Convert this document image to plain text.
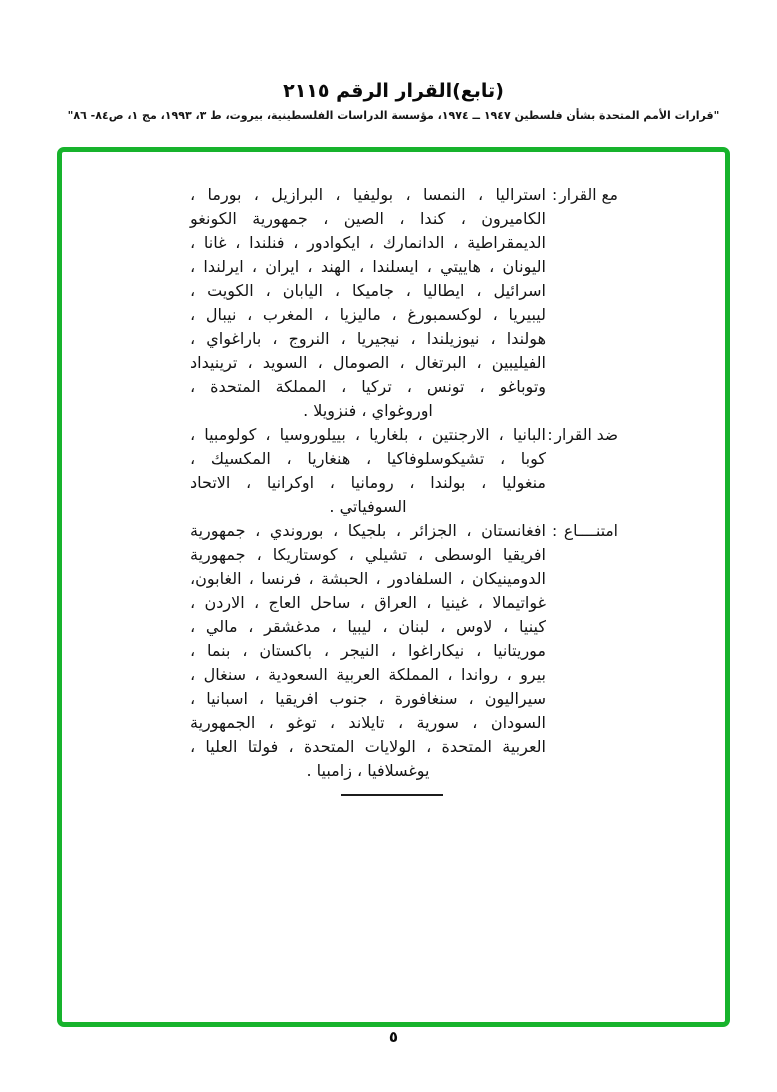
(تابع)القرار الرقم ٢١١٥
"قرارات الأمم المتحدة بشأن فلسطين ١٩٤٧ ــ ١٩٧٤، مؤسسة الدراسات الفلسطينية، بيروت، ط ٣، ١٩٩٣، مج ١، ص٨٤- ٨٦"
مع القرار
:
استراليا ، النمسا ، بوليفيا ، البرازيل ، بورما ،
الكاميرون ، كندا ، الصين ، جمهورية الكونغو
الديمقراطية ، الدانمارك ، ايكوادور ، فنلندا ، غانا ،
اليونان ، هاييتي ، ايسلندا ، الهند ، ايران ، ايرلندا ،
اسرائيل ، ايطاليا ، جاميكا ، اليابان ، الكويت ،
ليبيريا ، لوكسمبورغ ، ماليزيا ، المغرب ، نيبال ،
هولندا ، نيوزيلندا ، نيجيريا ، النروج ، باراغواي ،
الفيليبين ، البرتغال ، الصومال ، السويد ، ترينيداد
وتوباغو ، تونس ، تركيا ، المملكة المتحدة ،
اوروغواي ، فنزويلا .
ضد القرار
:
البانيا ، الارجنتين ، بلغاريا ، بييلوروسيا ، كولومبيا ،
كوبا ، تشيكوسلوفاكيا ، هنغاريا ، المكسيك ،
منغوليا ، بولندا ، رومانيا ، اوكرانيا ، الاتحاد
السوفياتي .
امتنــــاع
:
افغانستان ، الجزائر ، بلجيكا ، بوروندي ، جمهورية
افريقيا الوسطى ، تشيلي ، كوستاريكا ، جمهورية
الدومينيكان ، السلفادور ، الحبشة ، فرنسا ، الغابون،
غواتيمالا ، غينيا ، العراق ، ساحل العاج ، الاردن ،
كينيا ، لاوس ، لبنان ، ليبيا ، مدغشقر ، مالي ،
موريتانيا ، نيكاراغوا ، النيجر ، باكستان ، بنما ،
بيرو ، رواندا ، المملكة العربية السعودية ، سنغال ،
سيراليون ، سنغافورة ، جنوب افريقيا ، اسبانيا ،
السودان ، سورية ، تايلاند ، توغو ، الجمهورية
العربية المتحدة ، الولايات المتحدة ، فولتا العليا ،
يوغسلافيا ، زامبيا .
٥
